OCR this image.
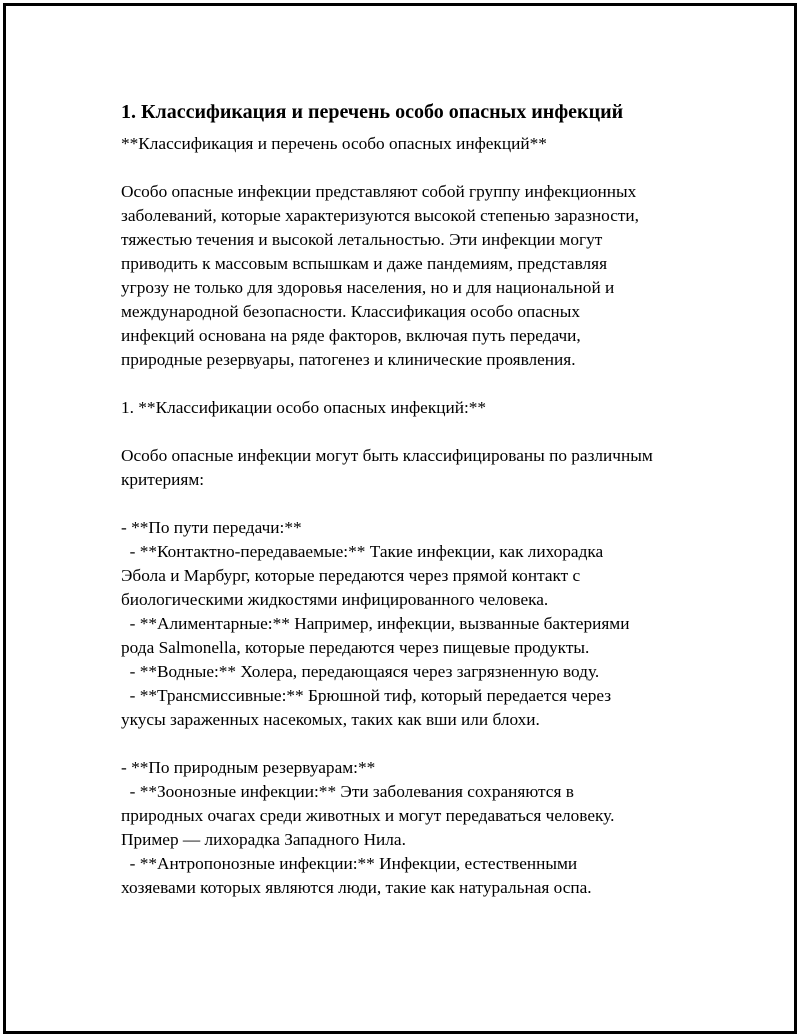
1. Классификация и перечень особо опасных инфекций

**Классификация и перечень особо опасных инфекций**

Особо опасные инфекции представляют собой группу инфекционных

заболеваний, которые характеризуются высокой степенью заразности,

тяжестью течения и высокой летальностью. Эти инфекции могут

приводить к массовым вспышкам и даже пандемиям, представляя

угрозу не только для здоровья населения, но и для национальной и

международной безопасности. Классификация особо опасных

инфекций основана на ряде факторов, включая путь передачи,

природные резервуары, патогенез и клинические проявления.

1. **Классификации особо опасных инфекций:**

Особо опасные инфекции могут быть классифицированы по различным

критериям:

- **По пути передачи:**

- **Контактно-передаваемые:** Такие инфекции, как лихорадка

Эбола и Марбург, которые передаются через прямой контакт с

биологическими жидкостями инфицированного человека.

- **Алиментарные:** Например, инфекции, вызванные бактериями

рода Salmonella, которые передаются через пищевые продукты.

- **Водные:** Холера, передающаяся через загрязненную воду.

- **Трансмиссивные:** Брюшной тиф, который передается через

укусы зараженных насекомых, таких как вши или блохи.

- **По природным резервуарам:**

- **Зоонозные инфекции:** Эти заболевания сохраняются в

природных очагах среди животных и могут передаваться человеку.

Пример — лихорадка Западного Нила.

- **Антропонозные инфекции:** Инфекции, естественными

хозяевами которых являются люди, такие как натуральная оспа.
